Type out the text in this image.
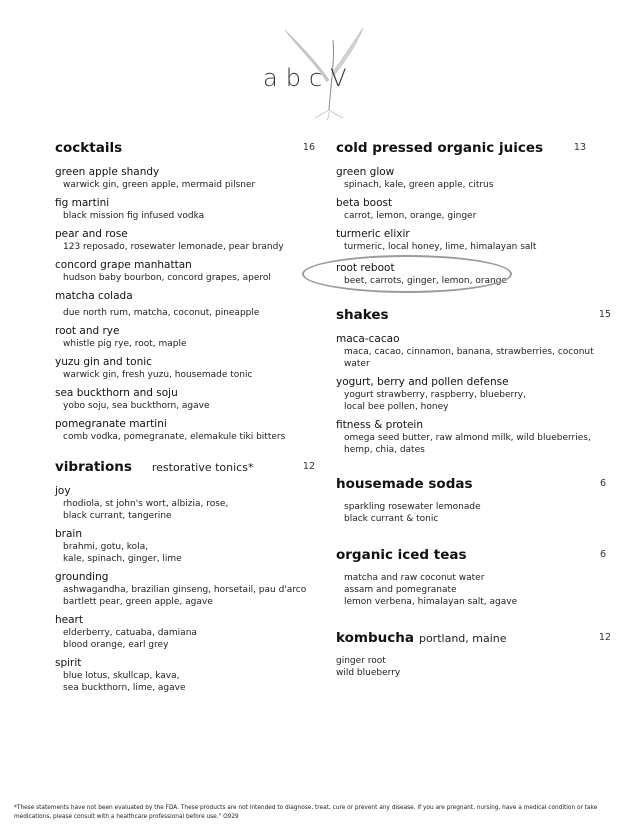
abcV
cocktails	16
green apple shandy
warwick gin, green apple, mermaid pilsner
fig martini
black mission fig infused vodka
pear and rose
123 reposado, rosewater lemonade, pear brandy
concord grape manhattan
hudson baby bourbon, concord grapes, aperol
matcha colada
due north rum, matcha, coconut, pineapple
root and rye
whistle pig rye, root, maple
yuzu gin and tonic
warwick gin, fresh yuzu, housemade tonic
sea buckthorn and soju
yobo soju, sea buckthorn, agave
pomegranate martini
comb vodka, pomegranate, elemakule tiki bitters
vibrations restorative tonics*	12
joy
rhodiola, st john's wort, albizia, rose,
black currant, tangerine
brain
brahmi, gotu, kola,
kale, spinach, ginger, lime
grounding
ashwagandha, brazilian ginseng, horsetail, pau d'arco
bartlett pear, green apple, agave
heart
elderberry, catuaba, damiana
blood orange, earl grey
spirit
blue lotus, skullcap, kava,
sea buckthorn, lime, agave
cold pressed organic juices	13
green glow
spinach, kale, green apple, citrus
beta boost
carrot, lemon, orange, ginger
turmeric elixir
turmeric, local honey, lime, himalayan salt
root reboot
beet, carrots, ginger, lemon, orange
shakes	15
maca-cacao
maca, cacao, cinnamon, banana, strawberries, coconut water
yogurt, berry and pollen defense
yogurt strawberry, raspberry, blueberry,
local bee pollen, honey
fitness & protein
omega seed butter, raw almond milk, wild blueberries,
hemp, chia, dates
housemade sodas	6
sparkling rosewater lemonade
black currant & tonic
organic iced teas	6
matcha and raw coconut water
assam and pomegranate
lemon verbena, himalayan salt, agave
kombucha portland, maine	12
ginger root
wild blueberry
*These statements have not been evaluated by the FDA. These products are not intended to diagnose, treat, cure or prevent any disease. If you are pregnant, nursing, have a medical condition or take medications, please consult with a healthcare professional before use." O929
